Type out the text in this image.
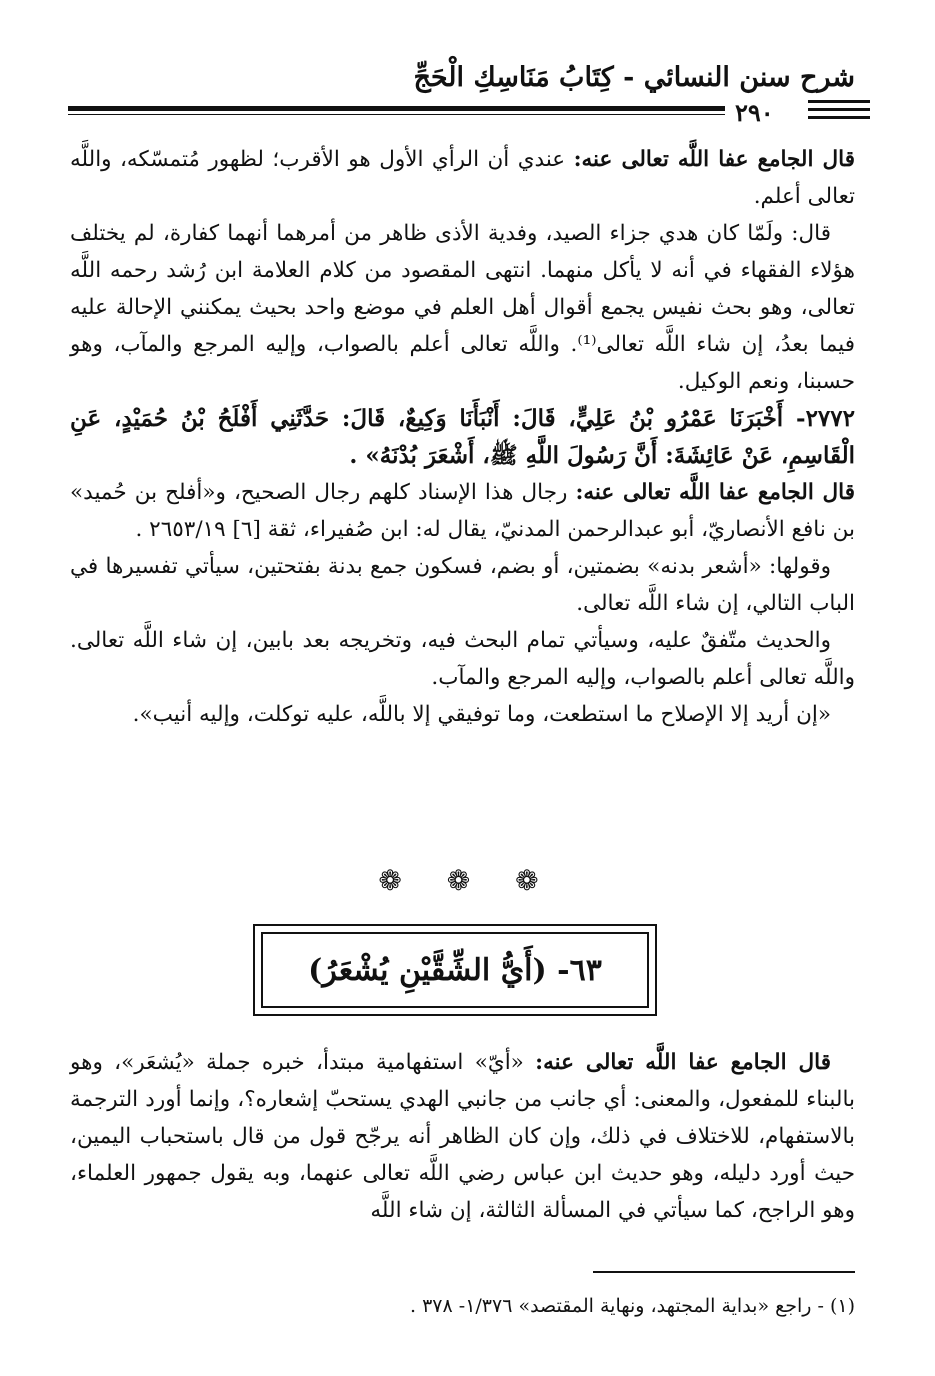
شرح سنن النسائي - كِتَابُ مَنَاسِكِ الْحَجِّ
٢٩٠

قال الجامع عفا اللَّه تعالى عنه: عندي أن الرأي الأول هو الأقرب؛ لظهور مُتمسّكه، واللَّه تعالى أعلم.

قال: ولَمّا كان هدي جزاء الصيد، وفدية الأذى ظاهر من أمرهما أنهما كفارة، لم يختلف هؤلاء الفقهاء في أنه لا يأكل منهما. انتهى المقصود من كلام العلامة ابن رُشد رحمه اللَّه تعالى، وهو بحث نفيس يجمع أقوال أهل العلم في موضع واحد بحيث يمكنني الإحالة عليه فيما بعدُ، إن شاء اللَّه تعالى⁽¹⁾. واللَّه تعالى أعلم بالصواب، وإليه المرجع والمآب، وهو حسبنا، ونعم الوكيل.

٢٧٧٢- أَخْبَرَنَا عَمْرُو بْنُ عَلِيٍّ، قَالَ: أَنْبَأَنَا وَكِيعٌ، قَالَ: حَدَّثَنِي أَفْلَحُ بْنُ حُمَيْدٍ، عَنِ الْقَاسِمِ، عَنْ عَائِشَةَ: أَنَّ رَسُولَ اللَّهِ ﷺ، أَشْعَرَ بُدْنَهُ» .

قال الجامع عفا اللَّه تعالى عنه: رجال هذا الإسناد كلهم رجال الصحيح، و«أفلح بن حُميد» بن نافع الأنصاريّ، أبو عبدالرحمن المدنيّ، يقال له: ابن صُفيراء، ثقة [٦] ٢٦٥٣/١٩ .

وقولها: «أشعر بدنه» بضمتين، أو بضم، فسكون جمع بدنة بفتحتين، سيأتي تفسيرها في الباب التالي، إن شاء اللَّه تعالى.

والحديث متّفقٌ عليه، وسيأتي تمام البحث فيه، وتخريجه بعد بابين، إن شاء اللَّه تعالى. واللَّه تعالى أعلم بالصواب، وإليه المرجع والمآب.

«إن أريد إلا الإصلاح ما استطعت، وما توفيقي إلا باللَّه، عليه توكلت، وإليه أنيب».

❁ ❁ ❁
٦٣- (أَيُّ الشِّقَّيْنِ يُشْعَرُ)

قال الجامع عفا اللَّه تعالى عنه: «أيّ» استفهامية مبتدأ، خبره جملة «يُشعَر»، وهو بالبناء للمفعول، والمعنى: أي جانب من جانبي الهدي يستحبّ إشعاره؟، وإنما أورد الترجمة بالاستفهام، للاختلاف في ذلك، وإن كان الظاهر أنه يرجّح قول من قال باستحباب اليمين، حيث أورد دليله، وهو حديث ابن عباس رضي اللَّه تعالى عنهما، وبه يقول جمهور العلماء، وهو الراجح، كما سيأتي في المسألة الثالثة، إن شاء اللَّه

(١) - راجع «بداية المجتهد، ونهاية المقتصد» ١/٣٧٦- ٣٧٨ .
